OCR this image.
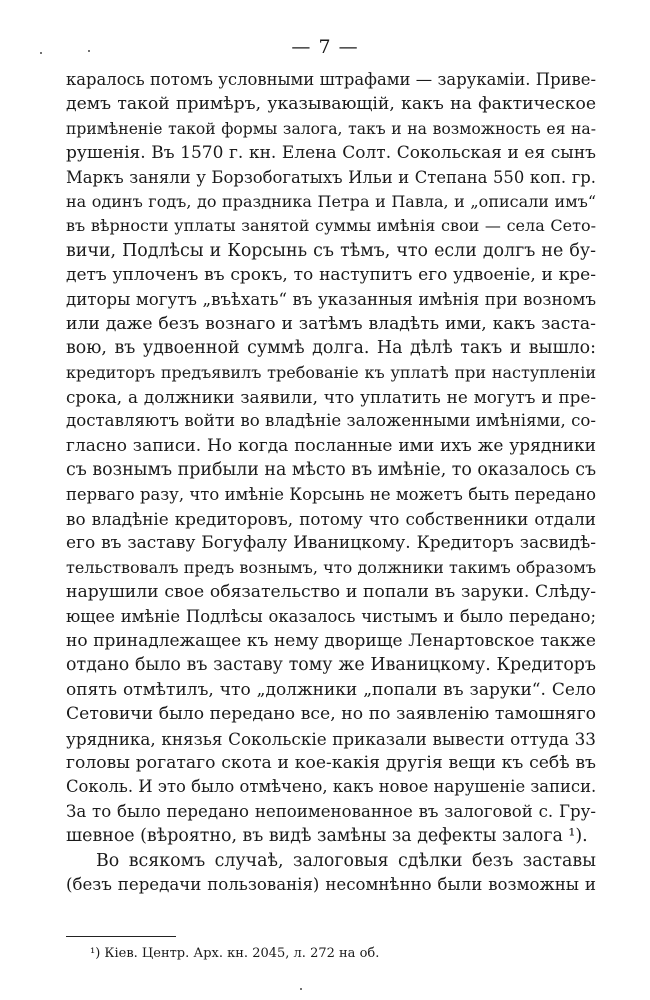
— 7 —
каралось потомъ условными штрафами — зарукаміи. Приве-
демъ такой примѣръ, указывающій, какъ на фактическое
примѣненіе такой формы залога, такъ и на возможность ея на-
рушенія. Въ 1570 г. кн. Елена Солт. Сокольская и ея сынъ
Маркъ заняли у Борзобогатыхъ Ильи и Степана 550 коп. гр.
на одинъ годъ, до праздника Петра и Павла, и „описали имъ“
въ вѣрности уплаты занятой суммы имѣнія свои — села Сето-
вичи, Подлѣсы и Корсынь съ тѣмъ, что если долгъ не бу-
детъ уплоченъ въ срокъ, то наступитъ его удвоеніе, и кре-
диторы могутъ „въѣхать“ въ указанныя имѣнія при возномъ
или даже безъ вознаго и затѣмъ владѣть ими, какъ заста-
вою, въ удвоенной суммѣ долга. На дѣлѣ такъ и вышло:
кредиторъ предъявилъ требованіе къ уплатѣ при наступленіи
срока, а должники заявили, что уплатить не могутъ и пре-
доставляютъ войти во владѣніе заложенными имѣніями, со-
гласно записи. Но когда посланные ими ихъ же урядники
съ вознымъ прибыли на мѣсто въ имѣніе, то оказалось съ
перваго разу, что имѣніе Корсынь не можетъ быть передано
во владѣніе кредиторовъ, потому что собственники отдали
его въ заставу Богуфалу Иваницкому. Кредиторъ засвидѣ-
тельствовалъ предъ вознымъ, что должники такимъ образомъ
нарушили свое обязательство и попали въ заруки. Слѣду-
ющее имѣніе Подлѣсы оказалось чистымъ и было передано;
но принадлежащее къ нему дворище Ленартовское также
отдано было въ заставу тому же Иваницкому. Кредиторъ
опять отмѣтилъ, что „должники „попали въ заруки“. Село
Сетовичи было передано все, но по заявленію тамошняго
урядника, князья Сокольскіе приказали вывести оттуда 33
головы рогатаго скота и кое-какія другія вещи къ себѣ въ
Соколь. И это было отмѣчено, какъ новое нарушеніе записи.
За то было передано непоименованное въ залоговой с. Гру-
шевное (вѣроятно, въ видѣ замѣны за дефекты залога ¹).
Во всякомъ случаѣ, залоговыя сдѣлки безъ заставы
(безъ передачи пользованія) несомнѣнно были возможны и
¹) Кіев. Центр. Арх. кн. 2045, л. 272 на об.
